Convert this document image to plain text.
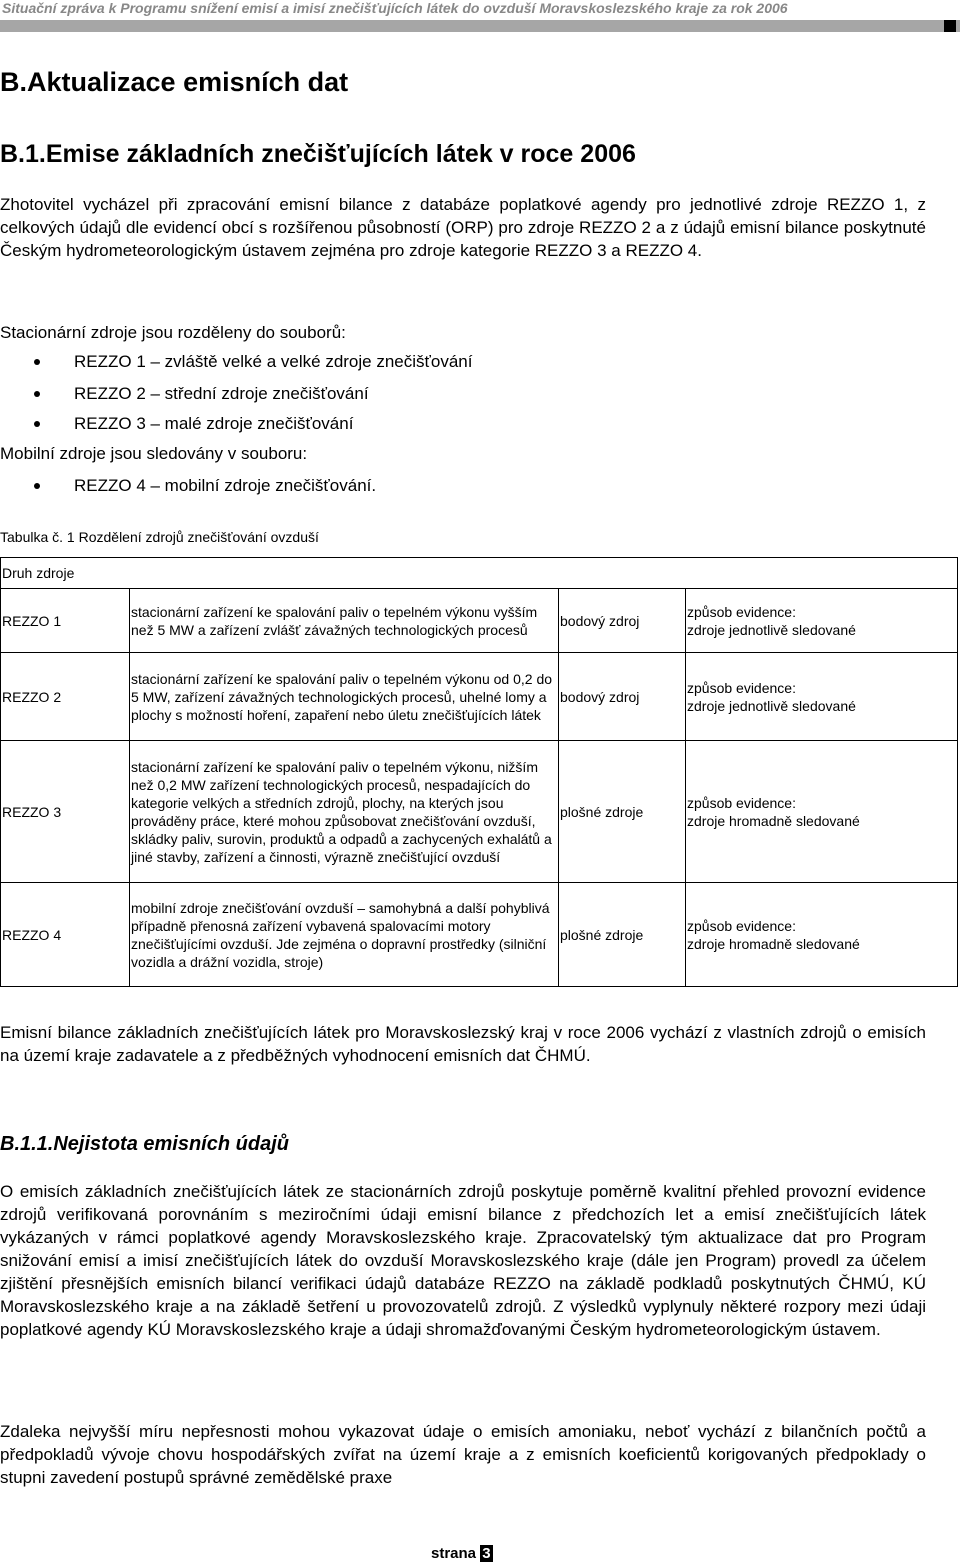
Situační zpráva k Programu snížení emisí a imisí znečišťujících látek do ovzduší Moravskoslezského kraje za rok 2006
B.Aktualizace emisních dat
B.1.Emise základních znečišťujících látek v roce 2006

Zhotovitel vycházel při zpracování emisní bilance z databáze poplatkové agendy pro jednotlivé zdroje REZZO 1, z celkových údajů dle evidencí obcí s rozšířenou působností (ORP) pro zdroje REZZO 2 a z údajů emisní bilance poskytnuté Českým hydrometeorologickým ústavem zejména pro zdroje kategorie REZZO 3 a REZZO 4.

Stacionární zdroje jsou rozděleny do souborů:

REZZO 1 – zvláště velké a velké zdroje znečišťování
REZZO 2 – střední zdroje znečišťování
REZZO 3 – malé zdroje znečišťování

Mobilní zdroje jsou sledovány v souboru:

REZZO 4 – mobilní zdroje znečišťování.
Tabulka č. 1 Rozdělení zdrojů znečišťování ovzduší
Druh zdroje			
REZZO 1	stacionární zařízení ke spalování paliv o tepelném výkonu vyšším než 5 MW a zařízení zvlášť závažných technologických procesů	bodový zdroj	způsob evidence:
zdroje jednotlivě sledované

REZZO 2	stacionární zařízení ke spalování paliv o tepelném výkonu od 0,2 do 5 MW, zařízení závažných technologických procesů, uhelné lomy a plochy s možností hoření, zapaření nebo úletu znečišťujících látek	bodový zdroj	způsob evidence:
zdroje jednotlivě sledované

REZZO 3	stacionární zařízení ke spalování paliv o tepelném výkonu, nižším než 0,2 MW zařízení technologických procesů, nespadajících do kategorie velkých a středních zdrojů, plochy, na kterých jsou prováděny práce, které mohou způsobovat znečišťování ovzduší, skládky paliv, surovin, produktů a odpadů a zachycených exhalátů a jiné stavby, zařízení a činnosti, výrazně znečišťující ovzduší	plošné zdroje	způsob evidence:
zdroje hromadně sledované

REZZO 4	mobilní zdroje znečišťování ovzduší – samohybná a další pohyblivá případně přenosná zařízení vybavená spalovacími motory znečišťujícími ovzduší. Jde zejména o dopravní prostředky (silniční vozidla a drážní vozidla, stroje)	plošné zdroje	způsob evidence:
zdroje hromadně sledované

Emisní bilance základních znečišťujících látek pro Moravskoslezský kraj v roce 2006 vychází z vlastních zdrojů o emisích na území kraje zadavatele a z předběžných vyhodnocení emisních dat ČHMÚ.

B.1.1.Nejistota emisních údajů

O emisích základních znečišťujících látek ze stacionárních zdrojů poskytuje poměrně kvalitní přehled provozní evidence zdrojů verifikovaná porovnáním s meziročními údaji emisní bilance z předchozích let a emisí znečišťujících látek vykázaných v rámci poplatkové agendy Moravskoslezského kraje. Zpracovatelský tým aktualizace dat pro Program snižování emisí a imisí znečišťujících látek do ovzduší Moravskoslezského kraje (dále jen Program) provedl za účelem zjištění přesnějších emisních bilancí verifikaci údajů databáze REZZO na základě podkladů poskytnutých ČHMÚ, KÚ Moravskoslezského kraje a na základě šetření u provozovatelů zdrojů. Z výsledků vyplynuly některé rozpory mezi údaji poplatkové agendy KÚ Moravskoslezského kraje a údaji shromažďovanými Českým hydrometeorologickým ústavem.

Zdaleka nejvyšší míru nepřesnosti mohou vykazovat údaje o emisích amoniaku, neboť vychází z bilančních počtů a předpokladů vývoje chovu hospodářských zvířat na území kraje a z emisních koeficientů korigovaných předpoklady o stupni zavedení postupů správné zemědělské praxe

strana 3
